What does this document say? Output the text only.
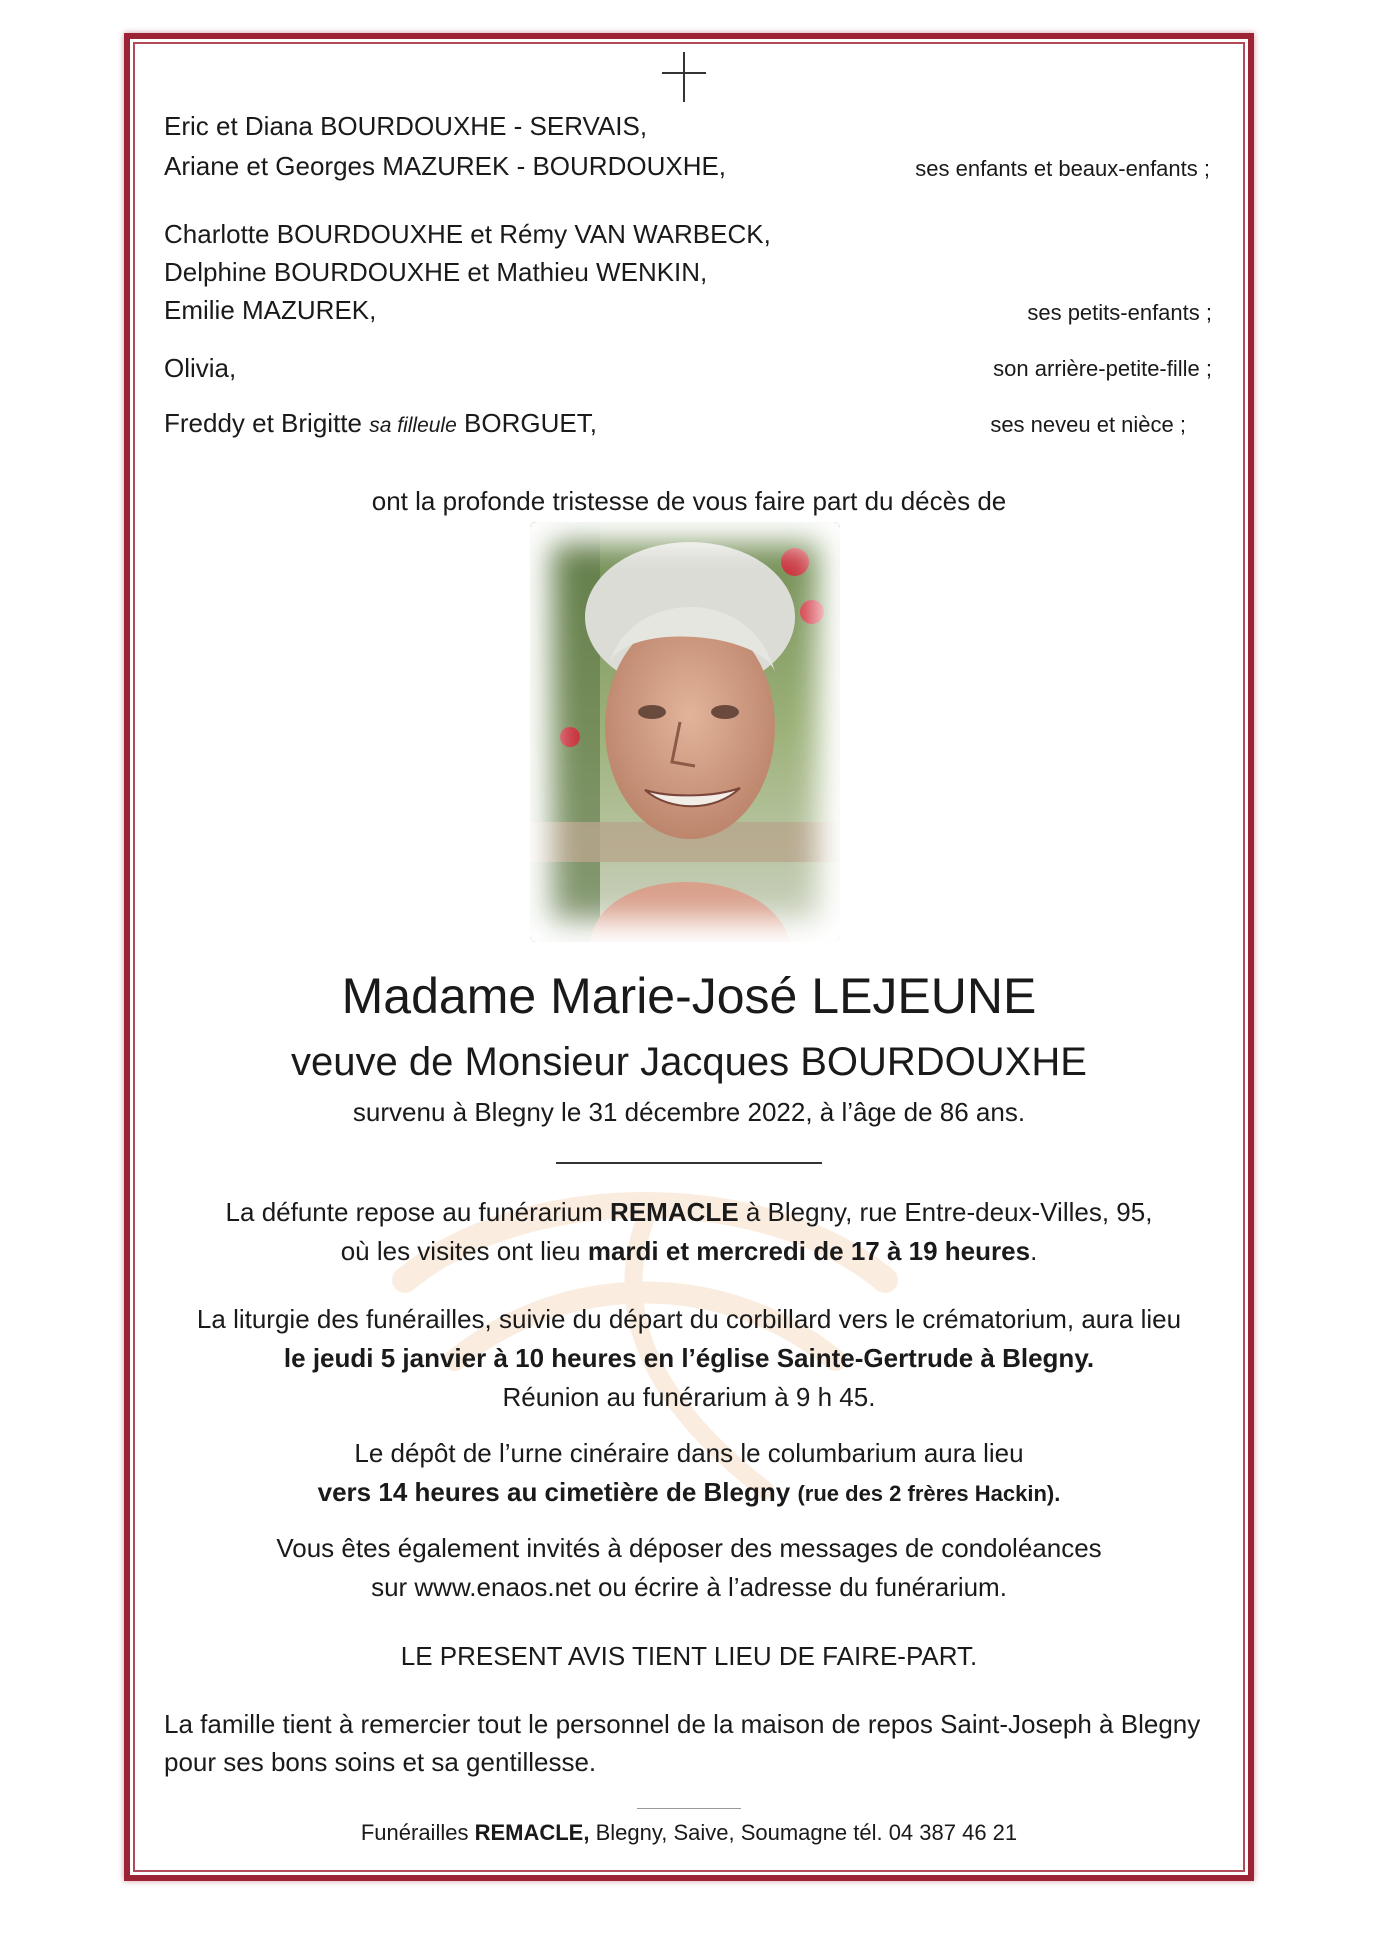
Eric et Diana BOURDOUXHE - SERVAIS,
Ariane et Georges MAZUREK - BOURDOUXHE,	ses enfants et beaux-enfants ;
Charlotte BOURDOUXHE et Rémy VAN WARBECK,
Delphine BOURDOUXHE et Mathieu WENKIN,
Emilie MAZUREK,	ses petits-enfants ;
Olivia,	son arrière-petite-fille ;
Freddy et Brigitte sa filleule BORGUET,	ses neveu et nièce ;
ont la profonde tristesse de vous faire part du décès de
Madame Marie-José LEJEUNE
veuve de Monsieur Jacques BOURDOUXHE
survenu à Blegny le 31 décembre 2022, à l’âge de 86 ans.
La défunte repose au funérarium REMACLE à Blegny, rue Entre-deux-Villes, 95,
où les visites ont lieu mardi et mercredi de 17 à 19 heures.
La liturgie des funérailles, suivie du départ du corbillard vers le crématorium, aura lieu
le jeudi 5 janvier à 10 heures en l’église Sainte-Gertrude à Blegny.
Réunion au funérarium à 9 h 45.
Le dépôt de l’urne cinéraire dans le columbarium aura lieu
vers 14 heures au cimetière de Blegny (rue des 2 frères Hackin).
Vous êtes également invités à déposer des messages de condoléances
sur www.enaos.net ou écrire à l’adresse du funérarium.
LE PRESENT AVIS TIENT LIEU DE FAIRE-PART.
La famille tient à remercier tout le personnel de la maison de repos Saint-Joseph à Blegny pour ses bons soins et sa gentillesse.
Funérailles REMACLE, Blegny, Saive, Soumagne tél. 04 387 46 21
